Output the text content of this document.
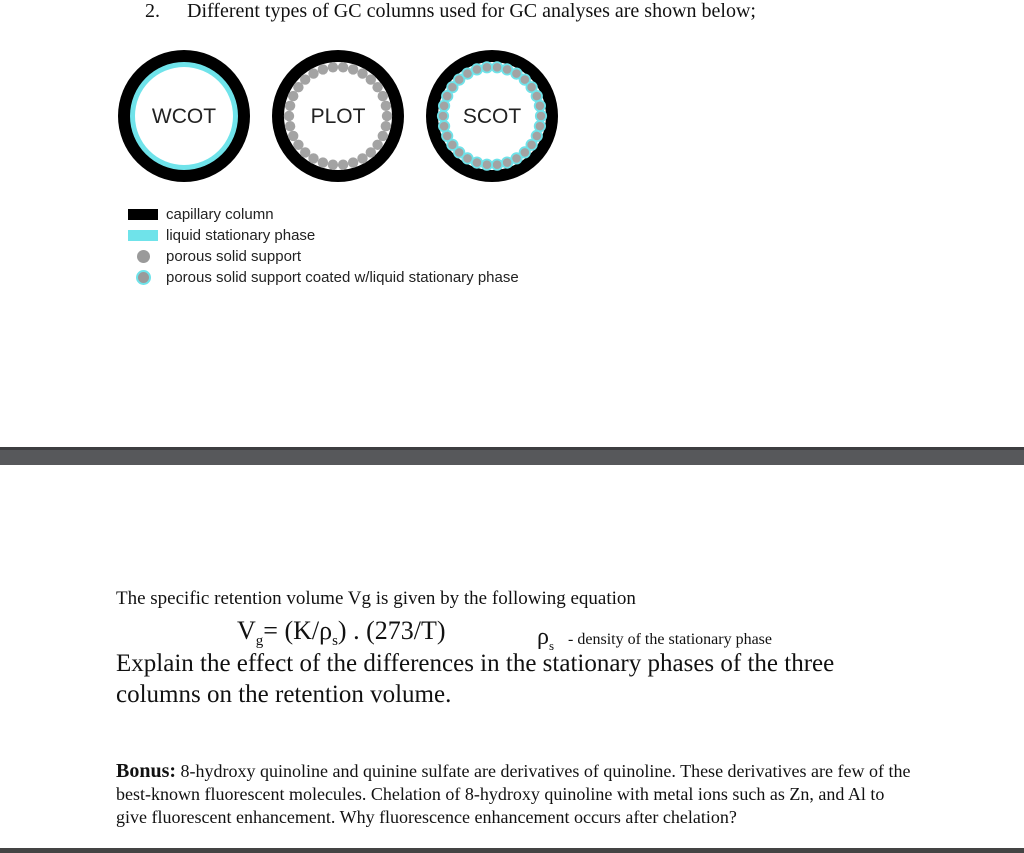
2. Different types of GC columns used for GC analyses are shown below;
WCOT	PLOT	SCOT
capillary column
liquid stationary phase
porous solid support
porous solid support coated w/liquid stationary phase
The specific retention volume Vg is given by the following equation
$V_g= (K/\rho_s)$ . (273/T)	$\rho_s$ - density of the stationary phase
Explain the effect of the differences in the stationary phases of the three columns on the retention volume.
Bonus: 8-hydroxy quinoline and quinine sulfate are derivatives of quinoline. These derivatives are few of the best-known fluorescent molecules. Chelation of 8-hydroxy quinoline with metal ions such as Zn, and Al to give fluorescent enhancement. Why fluorescence enhancement occurs after chelation?
